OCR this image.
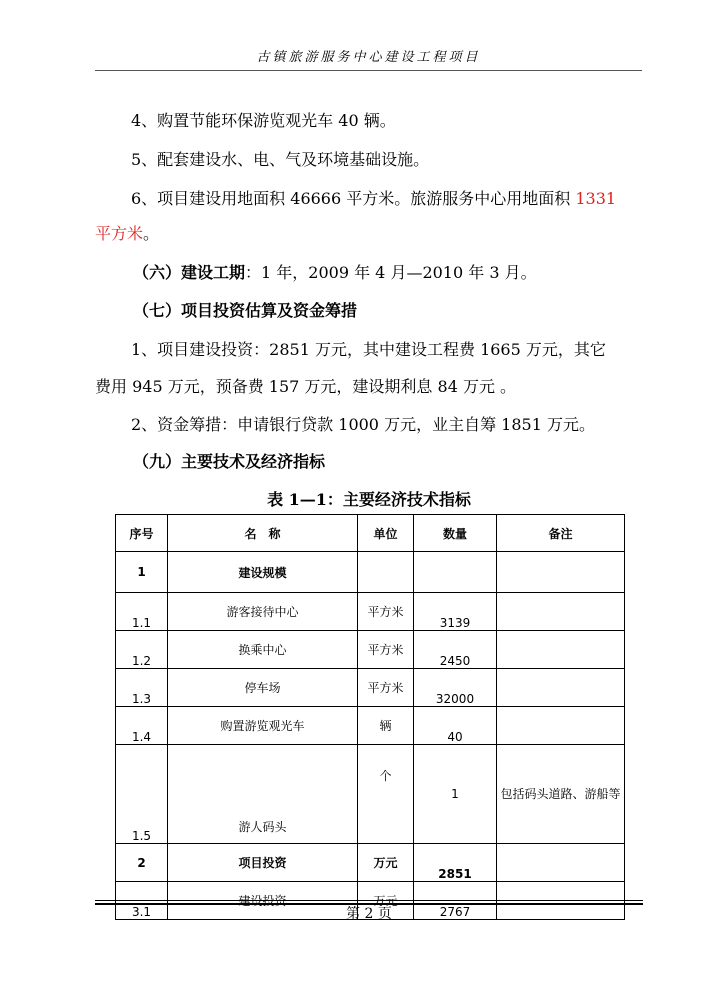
古镇旅游服务中心建设工程项目
4、购置节能环保游览观光车 40 辆。
5、配套建设水、电、气及环境基础设施。
6、项目建设用地面积 46666 平方米。旅游服务中心用地面积 1331
平方米。
（六）建设工期：1 年，2009 年 4 月—2010 年 3 月。
（七）项目投资估算及资金筹措
1、项目建设投资：2851 万元，其中建设工程费 1665 万元，其它
费用 945 万元，预备费 157 万元，建设期利息 84 万元 。
2、资金筹措：申请银行贷款 1000 万元，业主自筹 1851 万元。
（九）主要技术及经济指标
表 1—1：主要经济技术指标
序号	名　称	单位	数量	备注
1	建设规模			
1.1	游客接待中心	平方米	3139	
1.2	换乘中心	平方米	2450	
1.3	停车场	平方米	32000	
1.4	购置游览观光车	辆	40	
1.5	游人码头	个	1	包括码头道路、游船等
2	项目投资	万元	2851	
3.1	建设投资	万元	2767	
第 2 页
